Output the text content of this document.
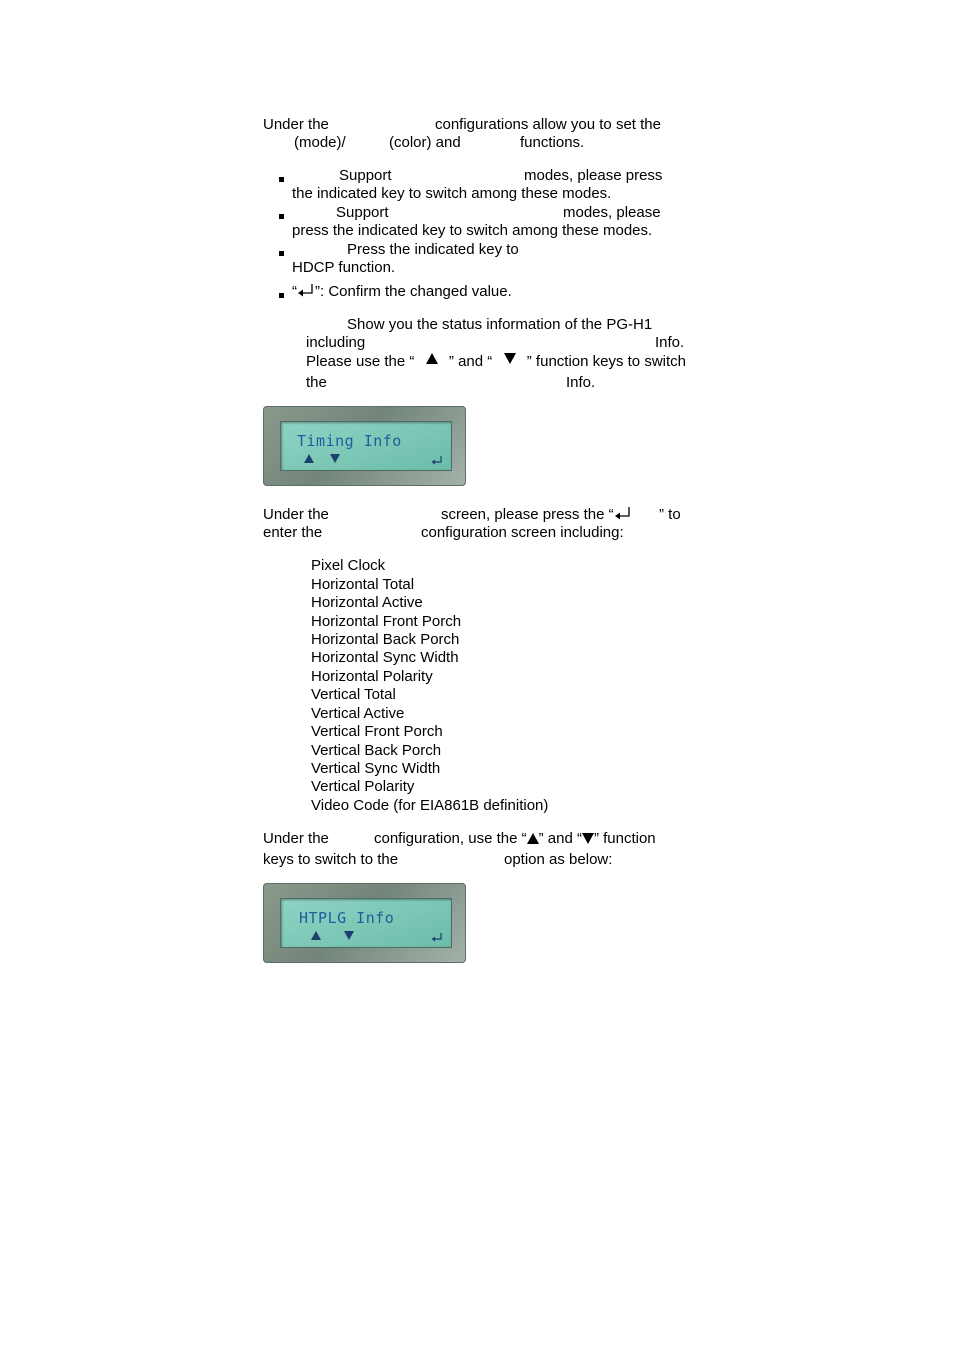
Under the	configurations allow you to set the
(mode)/	(color) and	functions.
Support	modes, please press
the indicated key to switch among these modes.
Support	modes, please
press the indicated key to switch among these modes.
Press the indicated key to
HDCP function.
“ ”: Confirm the changed value.
Show you the status information of the PG-H1
including	Info.
Please use the “ ” and “ ” function keys to switch
the	Info.
Timing Info
Under the	screen, please press the “	” to
enter the	configuration screen including:
Pixel Clock
Horizontal Total
Horizontal Active
Horizontal Front Porch
Horizontal Back Porch
Horizontal Sync Width
Horizontal Polarity
Vertical Total
Vertical Active
Vertical Front Porch
Vertical Back Porch
Vertical Sync Width
Vertical Polarity
Video Code (for EIA861B definition)
Under the	configuration, use the “ ” and “ ” function
keys to switch to the	option as below:
HTPLG Info
